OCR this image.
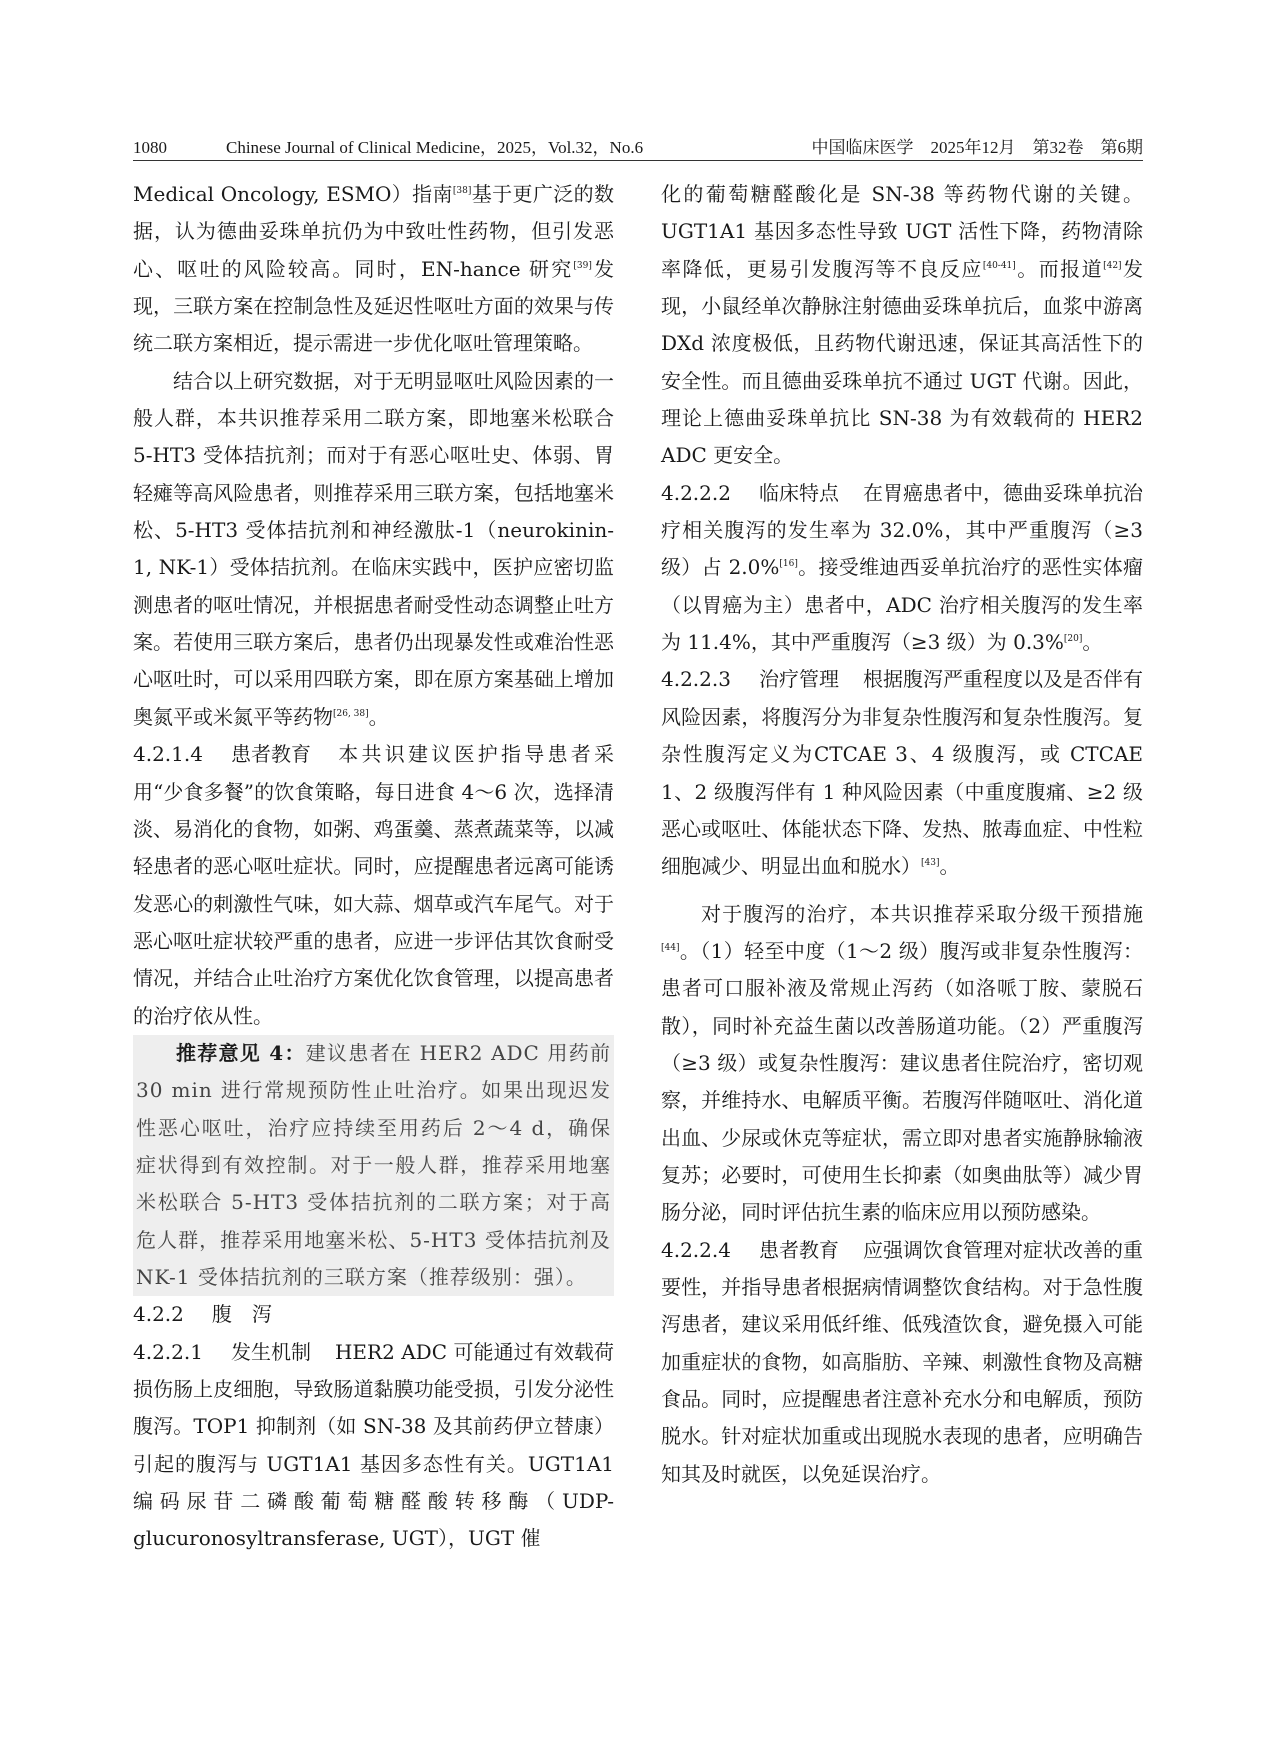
1080	Chinese Journal of Clinical Medicine，2025，Vol.32，No.6	中国临床医学　2025年12月　第32卷　第6期

Medical Oncology, ESMO）指南[38]基于更广泛的数据，认为德曲妥珠单抗仍为中致吐性药物，但引发恶心、呕吐的风险较高。同时，EN-hance 研究[39]发现，三联方案在控制急性及延迟性呕吐方面的效果与传统二联方案相近，提示需进一步优化呕吐管理策略。

结合以上研究数据，对于无明显呕吐风险因素的一般人群，本共识推荐采用二联方案，即地塞米松联合 5-HT3 受体拮抗剂；而对于有恶心呕吐史、体弱、胃轻瘫等高风险患者，则推荐采用三联方案，包括地塞米松、5-HT3 受体拮抗剂和神经激肽-1（neurokinin-1, NK-1）受体拮抗剂。在临床实践中，医护应密切监测患者的呕吐情况，并根据患者耐受性动态调整止吐方案。若使用三联方案后，患者仍出现暴发性或难治性恶心呕吐时，可以采用四联方案，即在原方案基础上增加奥氮平或米氮平等药物[26, 38]。

4.2.1.4 患者教育 本共识建议医护指导患者采用“少食多餐”的饮食策略，每日进食 4～6 次，选择清淡、易消化的食物，如粥、鸡蛋羹、蒸煮蔬菜等，以减轻患者的恶心呕吐症状。同时，应提醒患者远离可能诱发恶心的刺激性气味，如大蒜、烟草或汽车尾气。对于恶心呕吐症状较严重的患者，应进一步评估其饮食耐受情况，并结合止吐治疗方案优化饮食管理，以提高患者的治疗依从性。

推荐意见 4：建议患者在 HER2 ADC 用药前 30 min 进行常规预防性止吐治疗。如果出现迟发性恶心呕吐，治疗应持续至用药后 2～4 d，确保症状得到有效控制。对于一般人群，推荐采用地塞米松联合 5-HT3 受体拮抗剂的二联方案；对于高危人群，推荐采用地塞米松、5-HT3 受体拮抗剂及NK-1 受体拮抗剂的三联方案（推荐级别：强）。

4.2.2 腹　泻

4.2.2.1 发生机制 HER2 ADC 可能通过有效载荷损伤肠上皮细胞，导致肠道黏膜功能受损，引发分泌性腹泻。TOP1 抑制剂（如 SN-38 及其前药伊立替康）引起的腹泻与 UGT1A1 基因多态性有关。UGT1A1 编码尿苷二磷酸葡萄糖醛酸转移酶（UDP-glucuronosyltransferase, UGT），UGT 催

化的葡萄糖醛酸化是 SN-38 等药物代谢的关键。UGT1A1 基因多态性导致 UGT 活性下降，药物清除率降低，更易引发腹泻等不良反应[40-41]。而报道[42]发现，小鼠经单次静脉注射德曲妥珠单抗后，血浆中游离 DXd 浓度极低，且药物代谢迅速，保证其高活性下的安全性。而且德曲妥珠单抗不通过 UGT 代谢。因此，理论上德曲妥珠单抗比 SN-38 为有效载荷的 HER2 ADC 更安全。

4.2.2.2 临床特点 在胃癌患者中，德曲妥珠单抗治疗相关腹泻的发生率为 32.0%，其中严重腹泻（≥3 级）占 2.0%[16]。接受维迪西妥单抗治疗的恶性实体瘤（以胃癌为主）患者中，ADC 治疗相关腹泻的发生率为 11.4%，其中严重腹泻（≥3 级）为 0.3%[20]。

4.2.2.3 治疗管理 根据腹泻严重程度以及是否伴有风险因素，将腹泻分为非复杂性腹泻和复杂性腹泻。复杂性腹泻定义为CTCAE 3、4 级腹泻，或 CTCAE 1、2 级腹泻伴有 1 种风险因素（中重度腹痛、≥2 级恶心或呕吐、体能状态下降、发热、脓毒血症、中性粒细胞减少、明显出血和脱水）[43]。

对于腹泻的治疗，本共识推荐采取分级干预措施[44]。（1）轻至中度（1～2 级）腹泻或非复杂性腹泻：患者可口服补液及常规止泻药（如洛哌丁胺、蒙脱石散），同时补充益生菌以改善肠道功能。（2）严重腹泻（≥3 级）或复杂性腹泻：建议患者住院治疗，密切观察，并维持水、电解质平衡。若腹泻伴随呕吐、消化道出血、少尿或休克等症状，需立即对患者实施静脉输液复苏；必要时，可使用生长抑素（如奥曲肽等）减少胃肠分泌，同时评估抗生素的临床应用以预防感染。

4.2.2.4 患者教育 应强调饮食管理对症状改善的重要性，并指导患者根据病情调整饮食结构。对于急性腹泻患者，建议采用低纤维、低残渣饮食，避免摄入可能加重症状的食物，如高脂肪、辛辣、刺激性食物及高糖食品。同时，应提醒患者注意补充水分和电解质，预防脱水。针对症状加重或出现脱水表现的患者，应明确告知其及时就医，以免延误治疗。
